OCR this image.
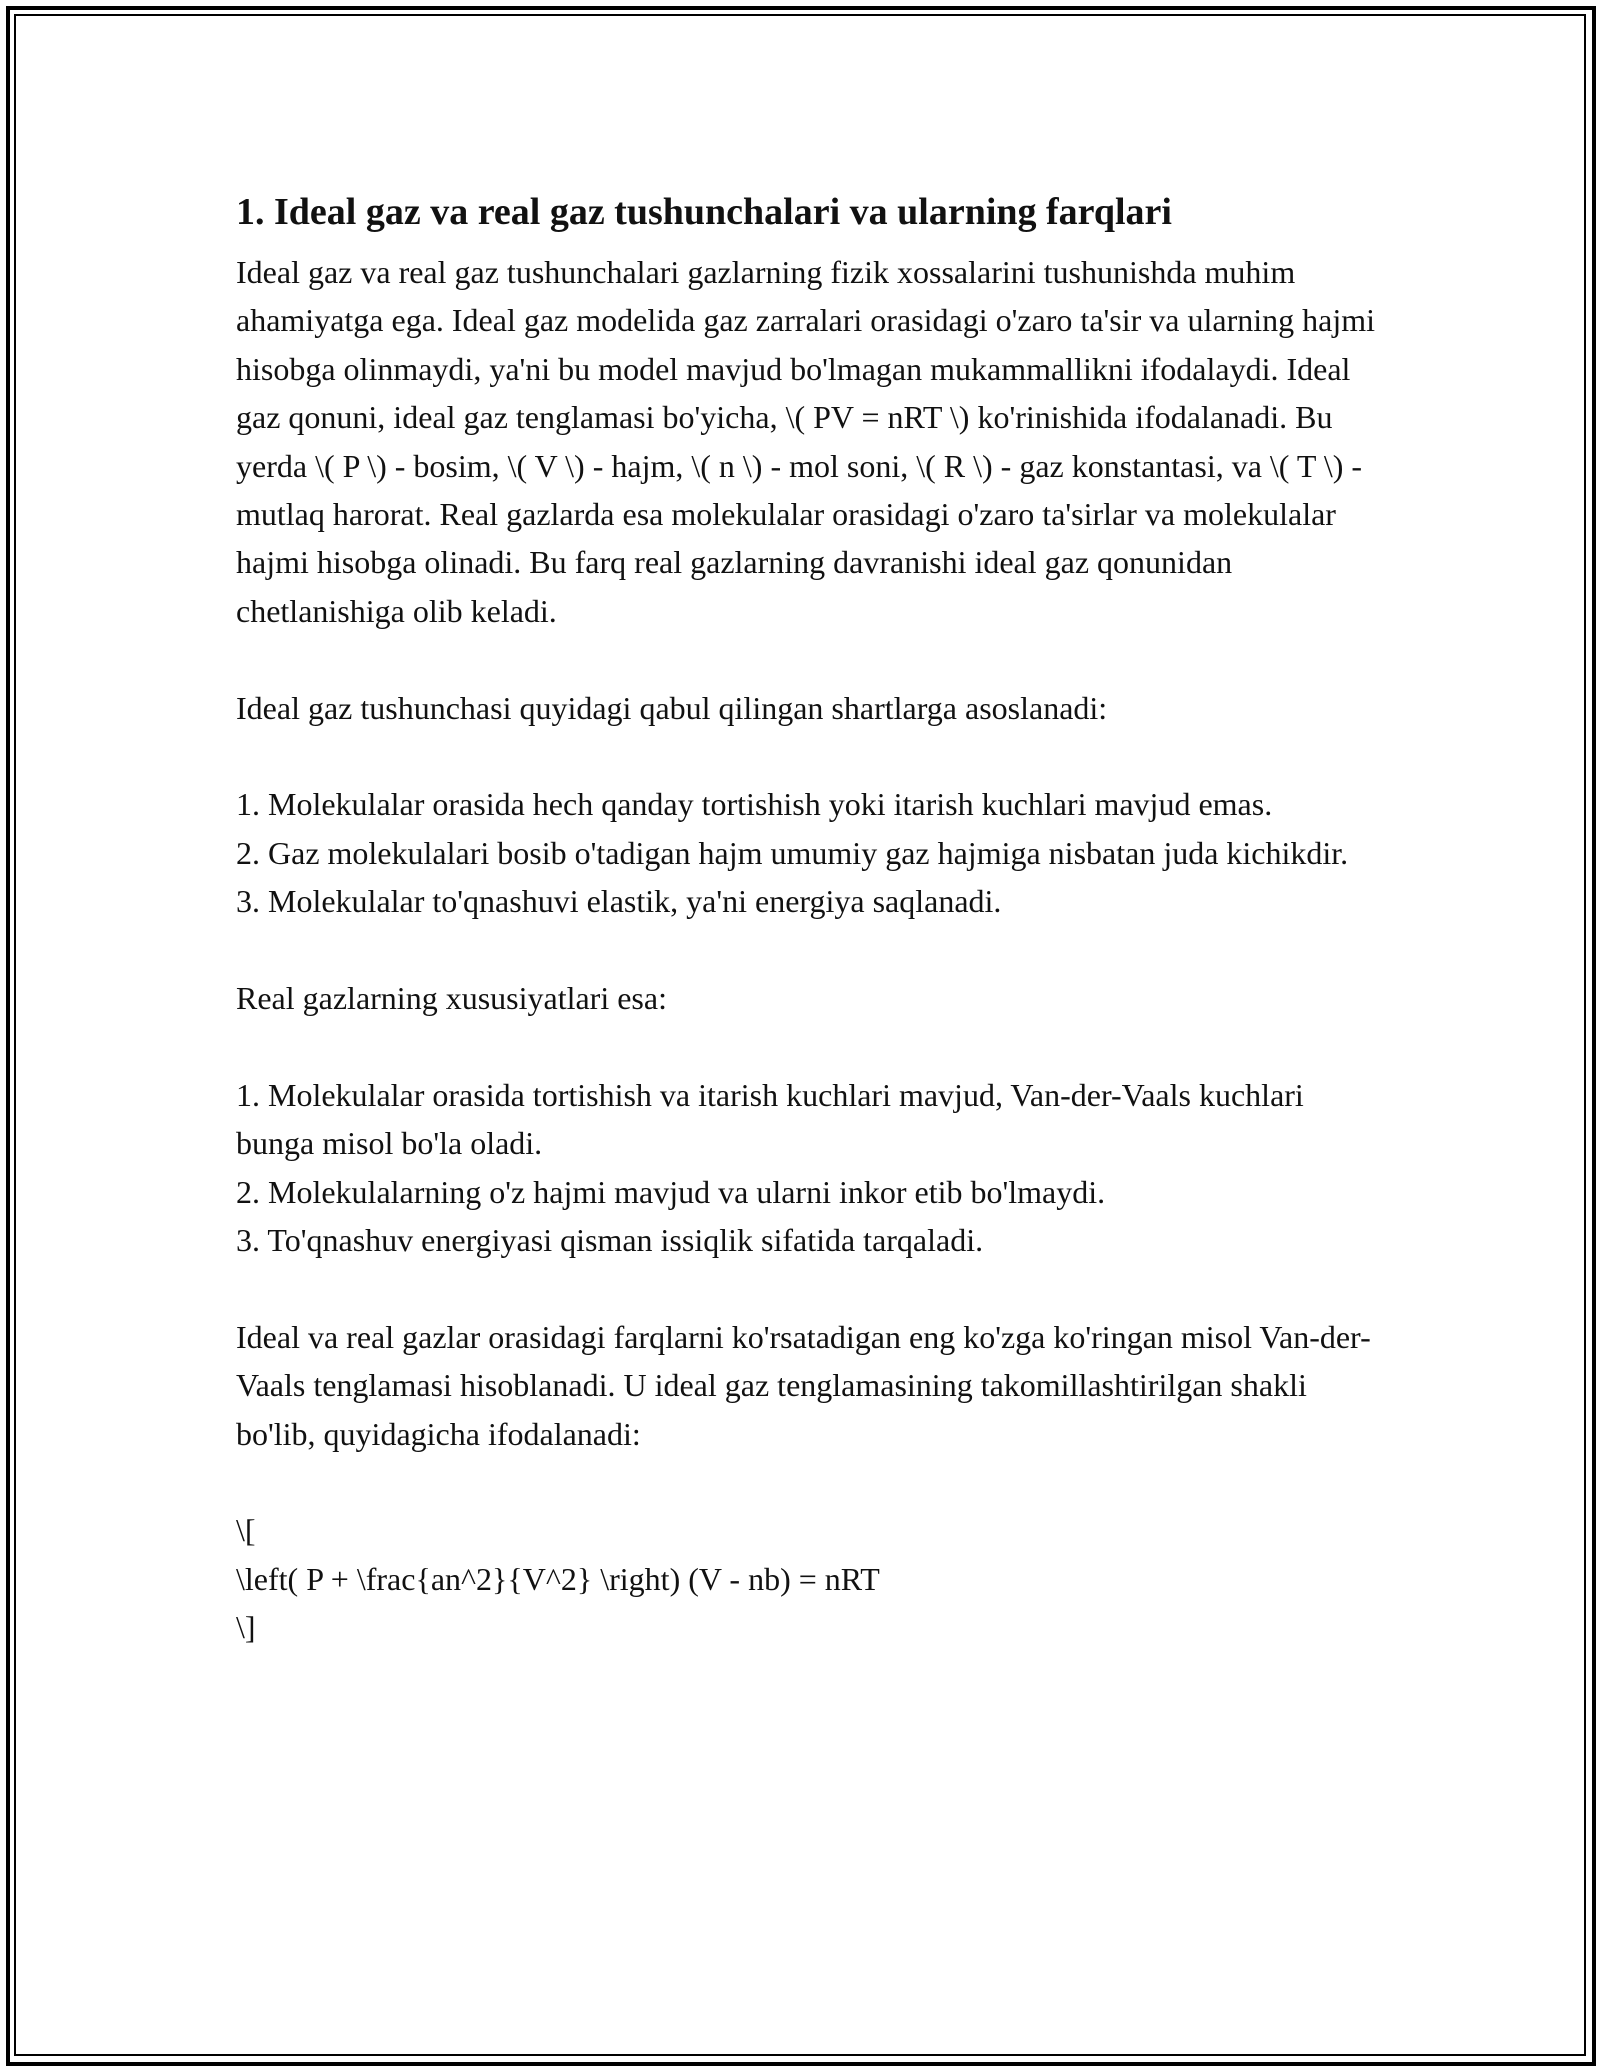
1. Ideal gaz va real gaz tushunchalari va ularning farqlari

Ideal gaz va real gaz tushunchalari gazlarning fizik xossalarini tushunishda muhim ahamiyatga ega. Ideal gaz modelida gaz zarralari orasidagi o'zaro ta'sir va ularning hajmi hisobga olinmaydi, ya'ni bu model mavjud bo'lmagan mukammallikni ifodalaydi. Ideal gaz qonuni, ideal gaz tenglamasi bo'yicha, \( PV = nRT \) ko'rinishida ifodalanadi. Bu yerda \( P \) - bosim, \( V \) - hajm, \( n \) - mol soni, \( R \) - gaz konstantasi, va \( T \) - mutlaq harorat. Real gazlarda esa molekulalar orasidagi o'zaro ta'sirlar va molekulalar hajmi hisobga olinadi. Bu farq real gazlarning davranishi ideal gaz qonunidan chetlanishiga olib keladi.

Ideal gaz tushunchasi quyidagi qabul qilingan shartlarga asoslanadi:

1. Molekulalar orasida hech qanday tortishish yoki itarish kuchlari mavjud emas.

2. Gaz molekulalari bosib o'tadigan hajm umumiy gaz hajmiga nisbatan juda kichikdir.

3. Molekulalar to'qnashuvi elastik, ya'ni energiya saqlanadi.

Real gazlarning xususiyatlari esa:

1. Molekulalar orasida tortishish va itarish kuchlari mavjud, Van-der-Vaals kuchlari bunga misol bo'la oladi.

2. Molekulalarning o'z hajmi mavjud va ularni inkor etib bo'lmaydi.

3. To'qnashuv energiyasi qisman issiqlik sifatida tarqaladi.

Ideal va real gazlar orasidagi farqlarni ko'rsatadigan eng ko'zga ko'ringan misol Van-der-Vaals tenglamasi hisoblanadi. U ideal gaz tenglamasining takomillashtirilgan shakli bo'lib, quyidagicha ifodalanadi:

\[

\left( P + \frac{an^2}{V^2} \right) (V - nb) = nRT

\]
